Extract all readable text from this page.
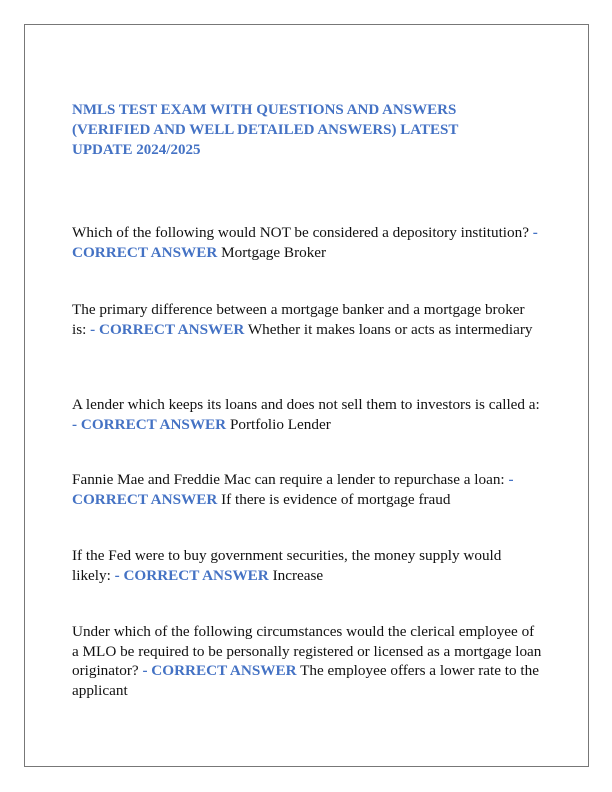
NMLS TEST EXAM WITH QUESTIONS AND ANSWERS (VERIFIED AND WELL DETAILED ANSWERS) LATEST UPDATE 2024/2025

Which of the following would NOT be considered a depository institution? - CORRECT ANSWER Mortgage Broker

The primary difference between a mortgage banker and a mortgage broker is: - CORRECT ANSWER Whether it makes loans or acts as intermediary

A lender which keeps its loans and does not sell them to investors is called a: - CORRECT ANSWER Portfolio Lender

Fannie Mae and Freddie Mac can require a lender to repurchase a loan: - CORRECT ANSWER If there is evidence of mortgage fraud

If the Fed were to buy government securities, the money supply would likely: - CORRECT ANSWER Increase

Under which of the following circumstances would the clerical employee of a MLO be required to be personally registered or licensed as a mortgage loan originator? - CORRECT ANSWER The employee offers a lower rate to the applicant
